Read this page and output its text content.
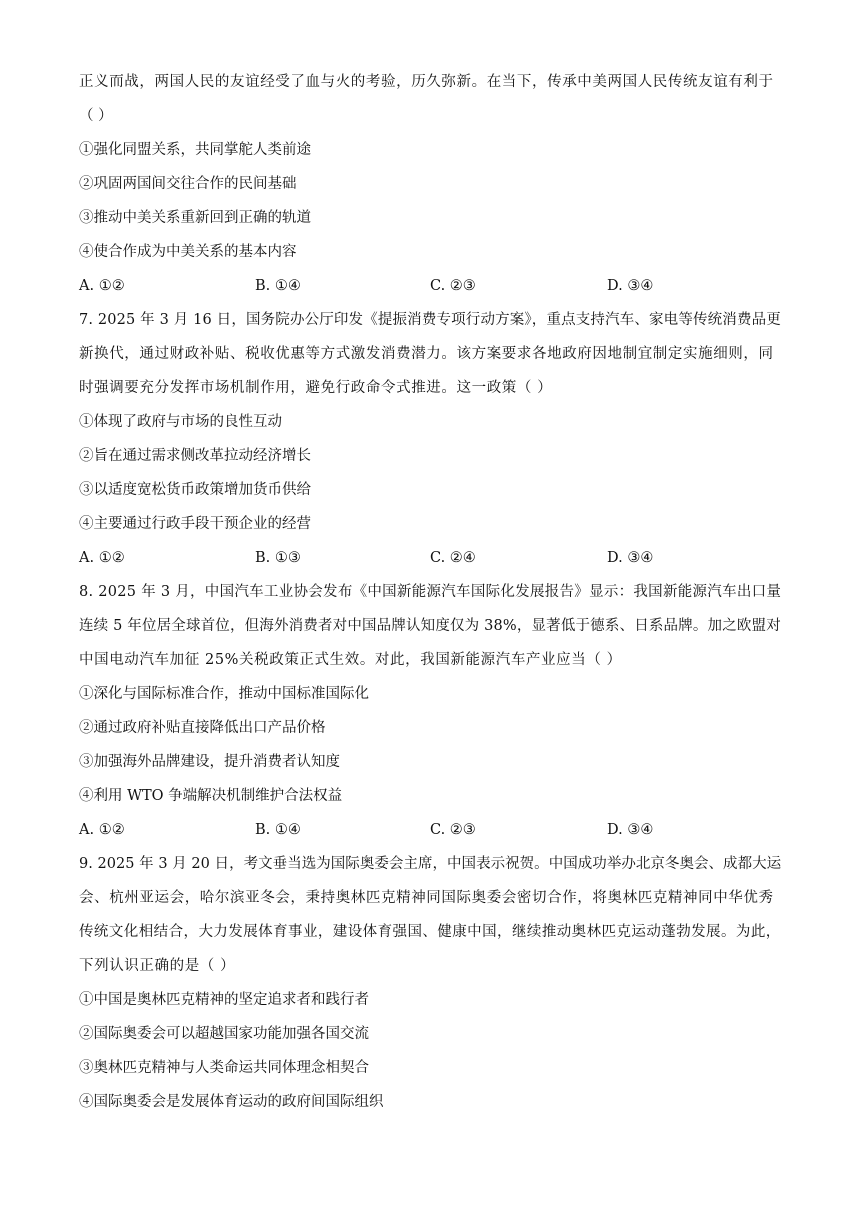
正义而战，两国人民的友谊经受了血与火的考验，历久弥新。在当下，传承中美两国人民传统友谊有利于
（ ）
①强化同盟关系，共同掌舵人类前途
②巩固两国间交往合作的民间基础
③推动中美关系重新回到正确的轨道
④使合作成为中美关系的基本内容
A. ①②	B. ①④	C. ②③	D. ③④
7. 2025 年 3 月 16 日，国务院办公厅印发《提振消费专项行动方案》，重点支持汽车、家电等传统消费品更
新换代，通过财政补贴、税收优惠等方式激发消费潜力。该方案要求各地政府因地制宜制定实施细则，同
时强调要充分发挥市场机制作用，避免行政命令式推进。这一政策（ ）
①体现了政府与市场的良性互动
②旨在通过需求侧改革拉动经济增长
③以适度宽松货币政策增加货币供给
④主要通过行政手段干预企业的经营
A. ①②	B. ①③	C. ②④	D. ③④
8. 2025 年 3 月，中国汽车工业协会发布《中国新能源汽车国际化发展报告》显示：我国新能源汽车出口量
连续 5 年位居全球首位，但海外消费者对中国品牌认知度仅为 38%，显著低于德系、日系品牌。加之欧盟对
中国电动汽车加征 25%关税政策正式生效。对此，我国新能源汽车产业应当（ ）
①深化与国际标准合作，推动中国标准国际化
②通过政府补贴直接降低出口产品价格
③加强海外品牌建设，提升消费者认知度
④利用 WTO 争端解决机制维护合法权益
A. ①②	B. ①④	C. ②③	D. ③④
9. 2025 年 3 月 20 日，考文垂当选为国际奥委会主席，中国表示祝贺。中国成功举办北京冬奥会、成都大运
会、杭州亚运会，哈尔滨亚冬会，秉持奥林匹克精神同国际奥委会密切合作，将奥林匹克精神同中华优秀
传统文化相结合，大力发展体育事业，建设体育强国、健康中国，继续推动奥林匹克运动蓬勃发展。为此，
下列认识正确的是（ ）
①中国是奥林匹克精神的坚定追求者和践行者
②国际奥委会可以超越国家功能加强各国交流
③奥林匹克精神与人类命运共同体理念相契合
④国际奥委会是发展体育运动的政府间国际组织
